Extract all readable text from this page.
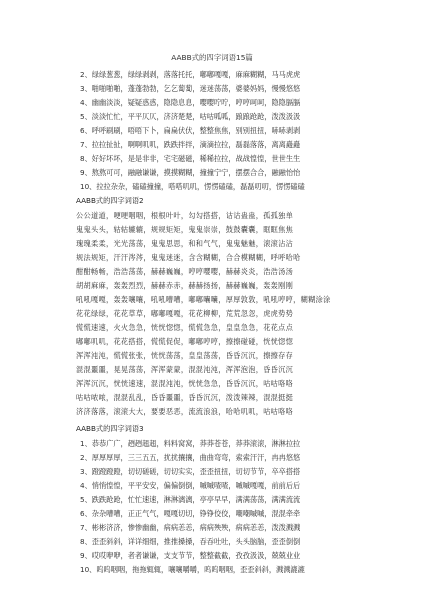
AABB式的四字词语15篇
2、绿绿葱葱，绿绿剥剥，落落托托，嘟嘟嘎嘎，麻麻糊糊，马马虎虎
3、啪啪啪啪，蓬蓬勃勃，乞乞蔔蔔，迷迷荡荡，婆婆妈妈，慢慢悠悠
4、幽幽淡淡，疑疑惑惑，隐隐息息，嘤嘤咛咛，哼哼呵呵，隐隐膈膈
5、淡淡忙忙，平平仄仄，济济楚楚，咕咕呱呱，踉踉跄跄，泼泼汲汲
6、呼呼刷刷，唔唔下卜，扁扁伏伏，整整焦焦，别别扭扭，哧哧剥剥
7、拉拉扯扯，啊啊叽叽，跌跌拌拌，滴滴拉拉，磊磊落落，离离矗矗
8、好好坏坏，是是非非，宅宅磁磁，稀稀拉拉，战战惶惶，世世生生
9、熬熬可可，融融谦谦，摸摸糊糊，撞撞宁宁，摆摆合合，融融怡怡
10、拉拉杂杂，磕磕撞撞，嗒嗒叽叽，愣愣磕磕，磊磊叨叨，愣愣磕磕
AABB式的四字词语2
公公道道，哽哽咽咽，根根叶叶，勾勾搭搭，诂诂蛊蛊，孤孤独单
鬼鬼头头，轱轱辘辘，规规矩矩，鬼鬼崇崇，鼓鼓囊囊，眶眶焦焦
瑰瑰柔柔，光光荡荡，鬼鬼思思，和和气气，鬼鬼魅魅，滚滚沾沾
规法规矩，汗汗涔涔，鬼鬼迷迷，含含糊糊，合合模糊糊，呼呼哈哈
酣酣畅畅，浩浩荡荡，赫赫巍巍，哼哼嘤嘤，赫赫炎炎，浩浩汤汤
胡胡麻麻，轰轰烈烈，赫赫赤赤，赫赫扬扬，赫赫巍巍，轰轰刚刚
吼吼嘎嘎，轰轰嚷嚷，吼吼嘈嘈，嘟嘟囔囔，厚厚敦敦，吼吼哼哼，糊糊涂涂
花花绿绿，花花草草，嘟嘟嘎嘎，花花柳柳，荒荒忽忽，虎虎势势
慌慌速速，火火急急，恍恍惚惚，慌慌急急，皇皇急急，花花点点
嘟嘟叽叽，花花搭搭，慌慌促促，嘟嘟哼哼，擦擦碰碰，恍恍惚惚
浑浑沌沌，慌慌张张，恍恍荡荡，皇皇荡荡，昏昏沉沉，擦擦存存
混混噩噩，晃晃荡荡，浑浑蒙蒙，混混沌沌，浑浑泡泡，昏昏沉沉
浑浑沉沉，恍恍速速，混混沌沌，恍恍急急，昏昏沉沉，咕咕咯咯
咕咕哝哝，混混乱乱，昏昏噩噩，昏昏沉沉，泼泼辣辣，混混挺挺
济济落落，滚滚大大，要要恶恶，流流浪浪，哈哈叽叽，咕咕咯咯
AABB式的四字词语3
1、恭恭广广，趔趔趄趄，料料窝窝，莽莽苍苍，莽莽滚滚，淋淋拉拉
2、厚厚厚厚，三三五五，扰扰攘攘，曲曲弯弯，索索汗汗，冉冉悠悠
3、蹬蹬蹬蹬，切切磋磋，切切实实，歪歪扭扭，切切节节，卒卒搭搭
4、悄悄惶惶，平平安安，偏偏倒倒，嘁嘁喳喳，嘁嘁嘎嘎，前前后后
5、跌跌跄跄，忙忙速速，淋淋漓漓，亭亭早早，满满荡荡，满满流流
6、杂杂嘈嘈，正正气气，嘎嘎切切，铮铮佼佼，嘲嘲嘁嘁，混混牵牵
7、彬彬济济，惨惨幽幽，病病恙恙，病病殃殃，病病恙恙，泼泼溅溅
8、歪歪斜斜，详详细细，推推搡搡，吞吞吐吐，头头脑脑，歪歪倒倒
9、哎哎咿咿，者者谦谦，支支节节，整整截截，孜孜汲汲，兢兢业业
10、呜呜咽咽，拖拖辄辄，嚷嚷嚼嚼，呜呜咽咽，歪歪斜斜，溅溅漉漉
